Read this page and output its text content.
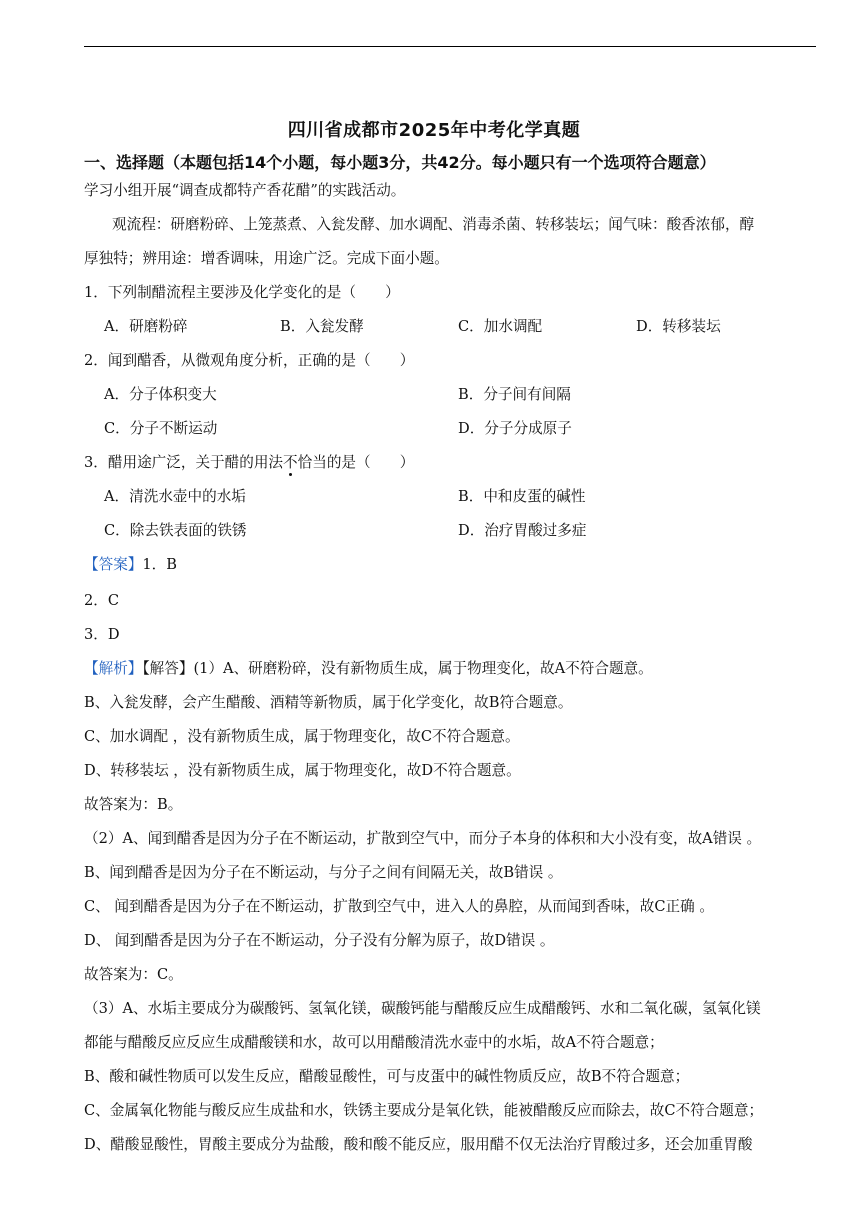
四川省成都市2025年中考化学真题
一、选择题（本题包括14个小题，每小题3分，共42分。每小题只有一个选项符合题意）
学习小组开展“调查成都特产香花醋”的实践活动。
观流程：研磨粉碎、上笼蒸煮、入瓮发酵、加水调配、消毒杀菌、转移装坛；闻气味：酸香浓郁，醇
厚独特；辨用途：增香调味，用途广泛。完成下面小题。
1．下列制醋流程主要涉及化学变化的是（　　）
A．研磨粉碎	B．入瓮发酵	C．加水调配	D．转移装坛
2．闻到醋香，从微观角度分析，正确的是（　　）
A．分子体积变大	B．分子间有间隔
C．分子不断运动	D．分子分成原子
3．醋用途广泛，关于醋的用法不恰当的是（　　）
A．清洗水壶中的水垢	B．中和皮蛋的碱性
C．除去铁表面的铁锈	D．治疗胃酸过多症
【答案】1．B
2．C
3．D
【解析】【解答】(1）A、研磨粉碎，没有新物质生成，属于物理变化，故A不符合题意。
B、入瓮发酵，会产生醋酸、酒精等新物质，属于化学变化，故B符合题意。
C、加水调配 ，没有新物质生成，属于物理变化，故C不符合题意。
D、转移装坛 ，没有新物质生成，属于物理变化，故D不符合题意。
故答案为：B。
（2）A、闻到醋香是因为分子在不断运动，扩散到空气中，而分子本身的体积和大小没有变，故A错误 。
B、闻到醋香是因为分子在不断运动，与分子之间有间隔无关，故B错误 。
C、 闻到醋香是因为分子在不断运动，扩散到空气中，进入人的鼻腔，从而闻到香味，故C正确 。
D、 闻到醋香是因为分子在不断运动，分子没有分解为原子，故D错误 。
故答案为：C。
（3）A、水垢主要成分为碳酸钙、氢氧化镁，碳酸钙能与醋酸反应生成醋酸钙、水和二氧化碳，氢氧化镁
都能与醋酸反应反应生成醋酸镁和水，故可以用醋酸清洗水壶中的水垢，故A不符合题意；
B、酸和碱性物质可以发生反应，醋酸显酸性，可与皮蛋中的碱性物质反应，故B不符合题意；
C、金属氧化物能与酸反应生成盐和水，铁锈主要成分是氧化铁，能被醋酸反应而除去，故C不符合题意；
D、醋酸显酸性，胃酸主要成分为盐酸，酸和酸不能反应，服用醋不仅无法治疗胃酸过多，还会加重胃酸
